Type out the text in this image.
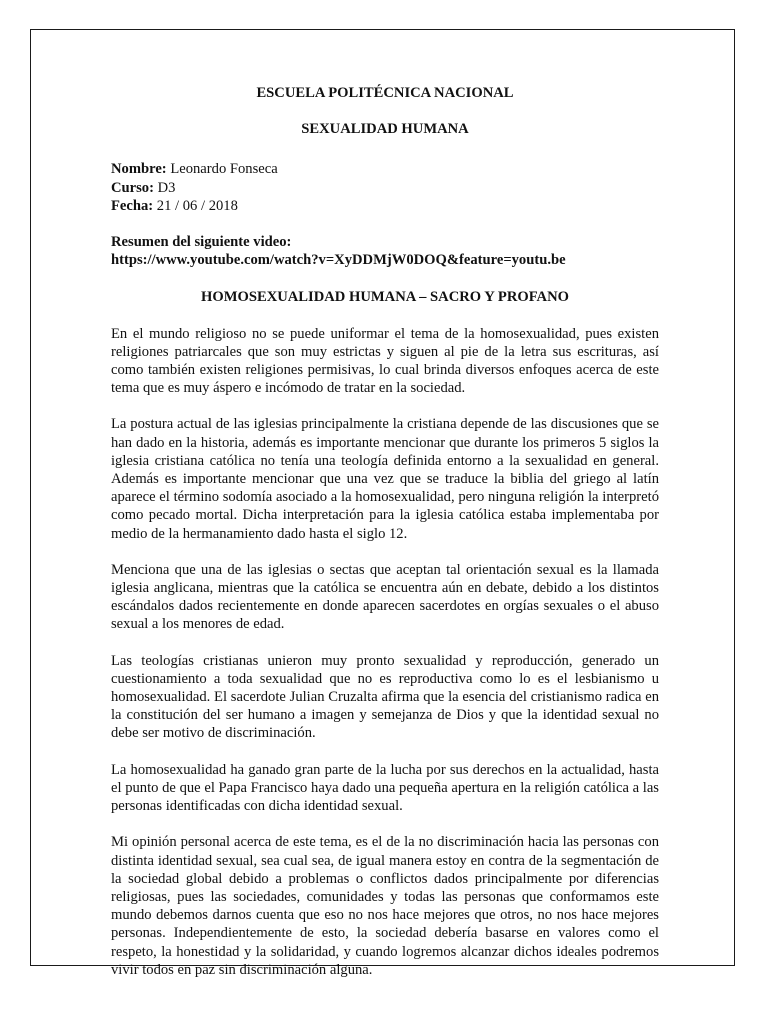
ESCUELA POLITÉCNICA NACIONAL
SEXUALIDAD HUMANA
Nombre: Leonardo Fonseca
Curso: D3
Fecha: 21 / 06 / 2018
Resumen del siguiente video:
https://www.youtube.com/watch?v=XyDDMjW0DOQ&feature=youtu.be
HOMOSEXUALIDAD HUMANA – SACRO Y PROFANO

En el mundo religioso no se puede uniformar el tema de la homosexualidad, pues existen religiones patriarcales que son muy estrictas y siguen al pie de la letra sus escrituras, así como también existen religiones permisivas, lo cual brinda diversos enfoques acerca de este tema que es muy áspero e incómodo de tratar en la sociedad.

La postura actual de las iglesias principalmente la cristiana depende de las discusiones que se han dado en la historia, además es importante mencionar que durante los primeros 5 siglos la iglesia cristiana católica no tenía una teología definida entorno a la sexualidad en general. Además es importante mencionar que una vez que se traduce la biblia del griego al latín aparece el término sodomía asociado a la homosexualidad, pero ninguna religión la interpretó como pecado mortal. Dicha interpretación para la iglesia católica estaba implementaba por medio de la hermanamiento dado hasta el siglo 12.

Menciona que una de las iglesias o sectas que aceptan tal orientación sexual es la llamada iglesia anglicana, mientras que la católica se encuentra aún en debate, debido a los distintos escándalos dados recientemente en donde aparecen sacerdotes en orgías sexuales o el abuso sexual a los menores de edad.

Las teologías cristianas unieron muy pronto sexualidad y reproducción, generado un cuestionamiento a toda sexualidad que no es reproductiva como lo es el lesbianismo u homosexualidad. El sacerdote Julian Cruzalta afirma que la esencia del cristianismo radica en la constitución del ser humano a imagen y semejanza de Dios y que la identidad sexual no debe ser motivo de discriminación.

La homosexualidad ha ganado gran parte de la lucha por sus derechos en la actualidad, hasta el punto de que el Papa Francisco haya dado una pequeña apertura en la religión católica a las personas identificadas con dicha identidad sexual.

Mi opinión personal acerca de este tema, es el de la no discriminación hacia las personas con distinta identidad sexual, sea cual sea, de igual manera estoy en contra de la segmentación de la sociedad global debido a problemas o conflictos dados principalmente por diferencias religiosas, pues las sociedades, comunidades y todas las personas que conformamos este mundo debemos darnos cuenta que eso no nos hace mejores que otros, no nos hace mejores personas. Independientemente de esto, la sociedad debería basarse en valores como el respeto, la honestidad y la solidaridad, y cuando logremos alcanzar dichos ideales podremos vivir todos en paz sin discriminación alguna.
